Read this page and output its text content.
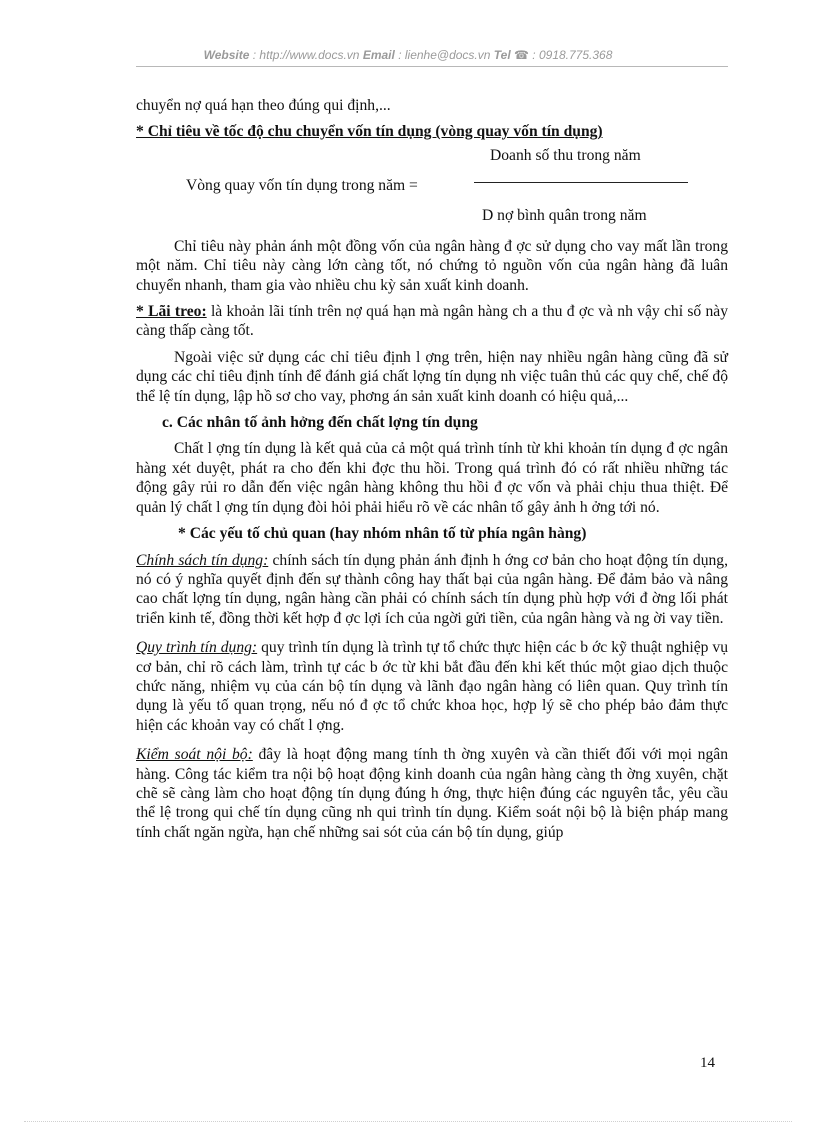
Website : http://www.docs.vn Email : lienhe@docs.vn Tel ☎ : 0918.775.368

chuyển nợ quá hạn theo đúng qui định,...

* Chỉ tiêu về tốc độ chu chuyển vốn tín dụng (vòng quay vốn tín dụng)

Doanh số thu trong năm
Vòng quay vốn tín dụng trong năm =
D nợ bình quân trong năm

Chỉ tiêu này phản ánh một đồng vốn của ngân hàng đ ợc sử dụng cho vay mất lần trong một năm. Chỉ tiêu này càng lớn càng tốt, nó chứng tỏ nguồn vốn của ngân hàng đã luân chuyển nhanh, tham gia vào nhiều chu kỳ sản xuất kinh doanh.

* Lãi treo: là khoản lãi tính trên nợ quá hạn mà ngân hàng ch a thu đ ợc và nh vậy chỉ số này càng thấp càng tốt.

Ngoài việc sử dụng các chỉ tiêu định l ợng trên, hiện nay nhiều ngân hàng cũng đã sử dụng các chỉ tiêu định tính để đánh giá chất lợng tín dụng nh việc tuân thủ các quy chế, chế độ thể lệ tín dụng, lập hồ sơ cho vay, phơng án sản xuất kinh doanh có hiệu quả,...

c. Các nhân tố ảnh hởng đến chất lợng tín dụng

Chất l ợng tín dụng là kết quả của cả một quá trình tính từ khi khoản tín dụng đ ợc ngân hàng xét duyệt, phát ra cho đến khi đợc thu hồi. Trong quá trình đó có rất nhiều những tác động gây rủi ro dẫn đến việc ngân hàng không thu hồi đ ợc vốn và phải chịu thua thiệt. Để quản lý chất l ợng tín dụng đòi hỏi phải hiểu rõ về các nhân tố gây ảnh h ởng tới nó.

* Các yếu tố chủ quan (hay nhóm nhân tố từ phía ngân hàng)

Chính sách tín dụng: chính sách tín dụng phản ánh định h ớng cơ bản cho hoạt động tín dụng, nó có ý nghĩa quyết định đến sự thành công hay thất bại của ngân hàng. Để đảm bảo và nâng cao chất lợng tín dụng, ngân hàng cần phải có chính sách tín dụng phù hợp với đ ờng lối phát triển kinh tế, đồng thời kết hợp đ ợc lợi ích của ngời gửi tiền, của ngân hàng và ng ời vay tiền.

Quy trình tín dụng: quy trình tín dụng là trình tự tổ chức thực hiện các b ớc kỹ thuật nghiệp vụ cơ bản, chỉ rõ cách làm, trình tự các b ớc từ khi bắt đầu đến khi kết thúc một giao dịch thuộc chức năng, nhiệm vụ của cán bộ tín dụng và lãnh đạo ngân hàng có liên quan. Quy trình tín dụng là yếu tố quan trọng, nếu nó đ ợc tổ chức khoa học, hợp lý sẽ cho phép bảo đảm thực hiện các khoản vay có chất l ợng.

Kiểm soát nội bộ: đây là hoạt động mang tính th ờng xuyên và cần thiết đối với mọi ngân hàng. Công tác kiểm tra nội bộ hoạt động kinh doanh của ngân hàng càng th ờng xuyên, chặt chẽ sẽ càng làm cho hoạt động tín dụng đúng h ớng, thực hiện đúng các nguyên tắc, yêu cầu thể lệ trong qui chế tín dụng cũng nh qui trình tín dụng. Kiểm soát nội bộ là biện pháp mang tính chất ngăn ngừa, hạn chế những sai sót của cán bộ tín dụng, giúp

14
